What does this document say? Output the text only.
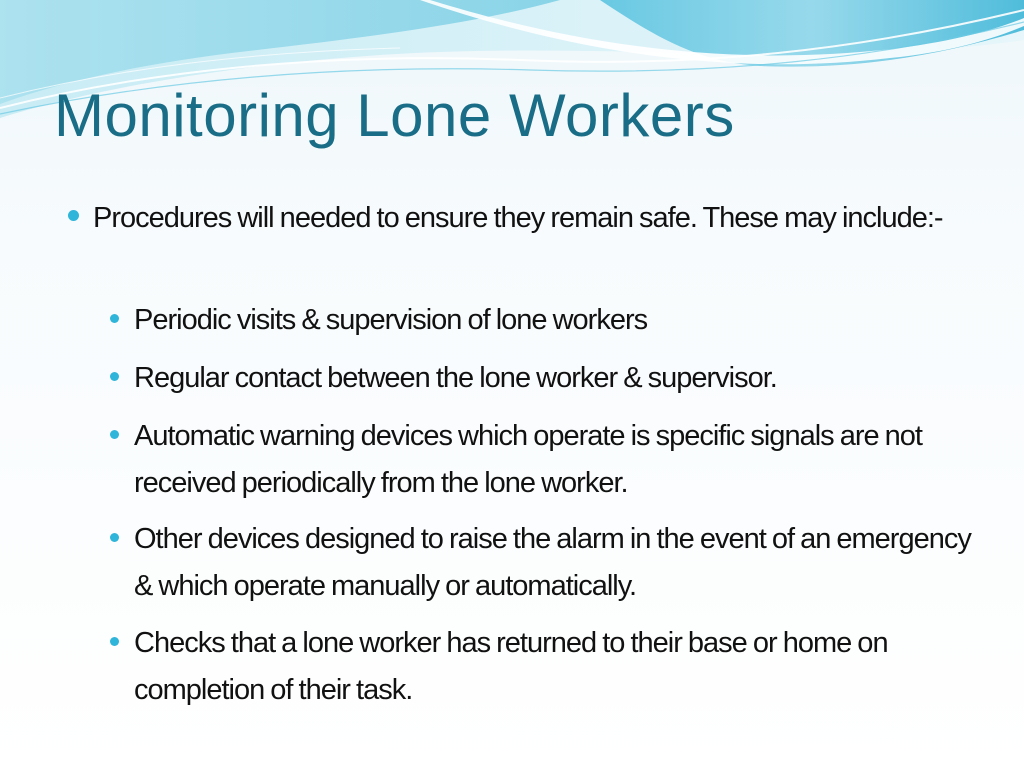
Monitoring Lone Workers
Procedures will needed to ensure they remain safe. These may include:-
Periodic visits & supervision of lone workers
Regular contact between the lone worker & supervisor.
Automatic warning devices which operate is specific signals are not received periodically from the lone worker.
Other devices designed to raise the alarm in the event of an emergency & which operate manually or automatically.
Checks that a lone worker has returned to their base or home on completion of their task.
